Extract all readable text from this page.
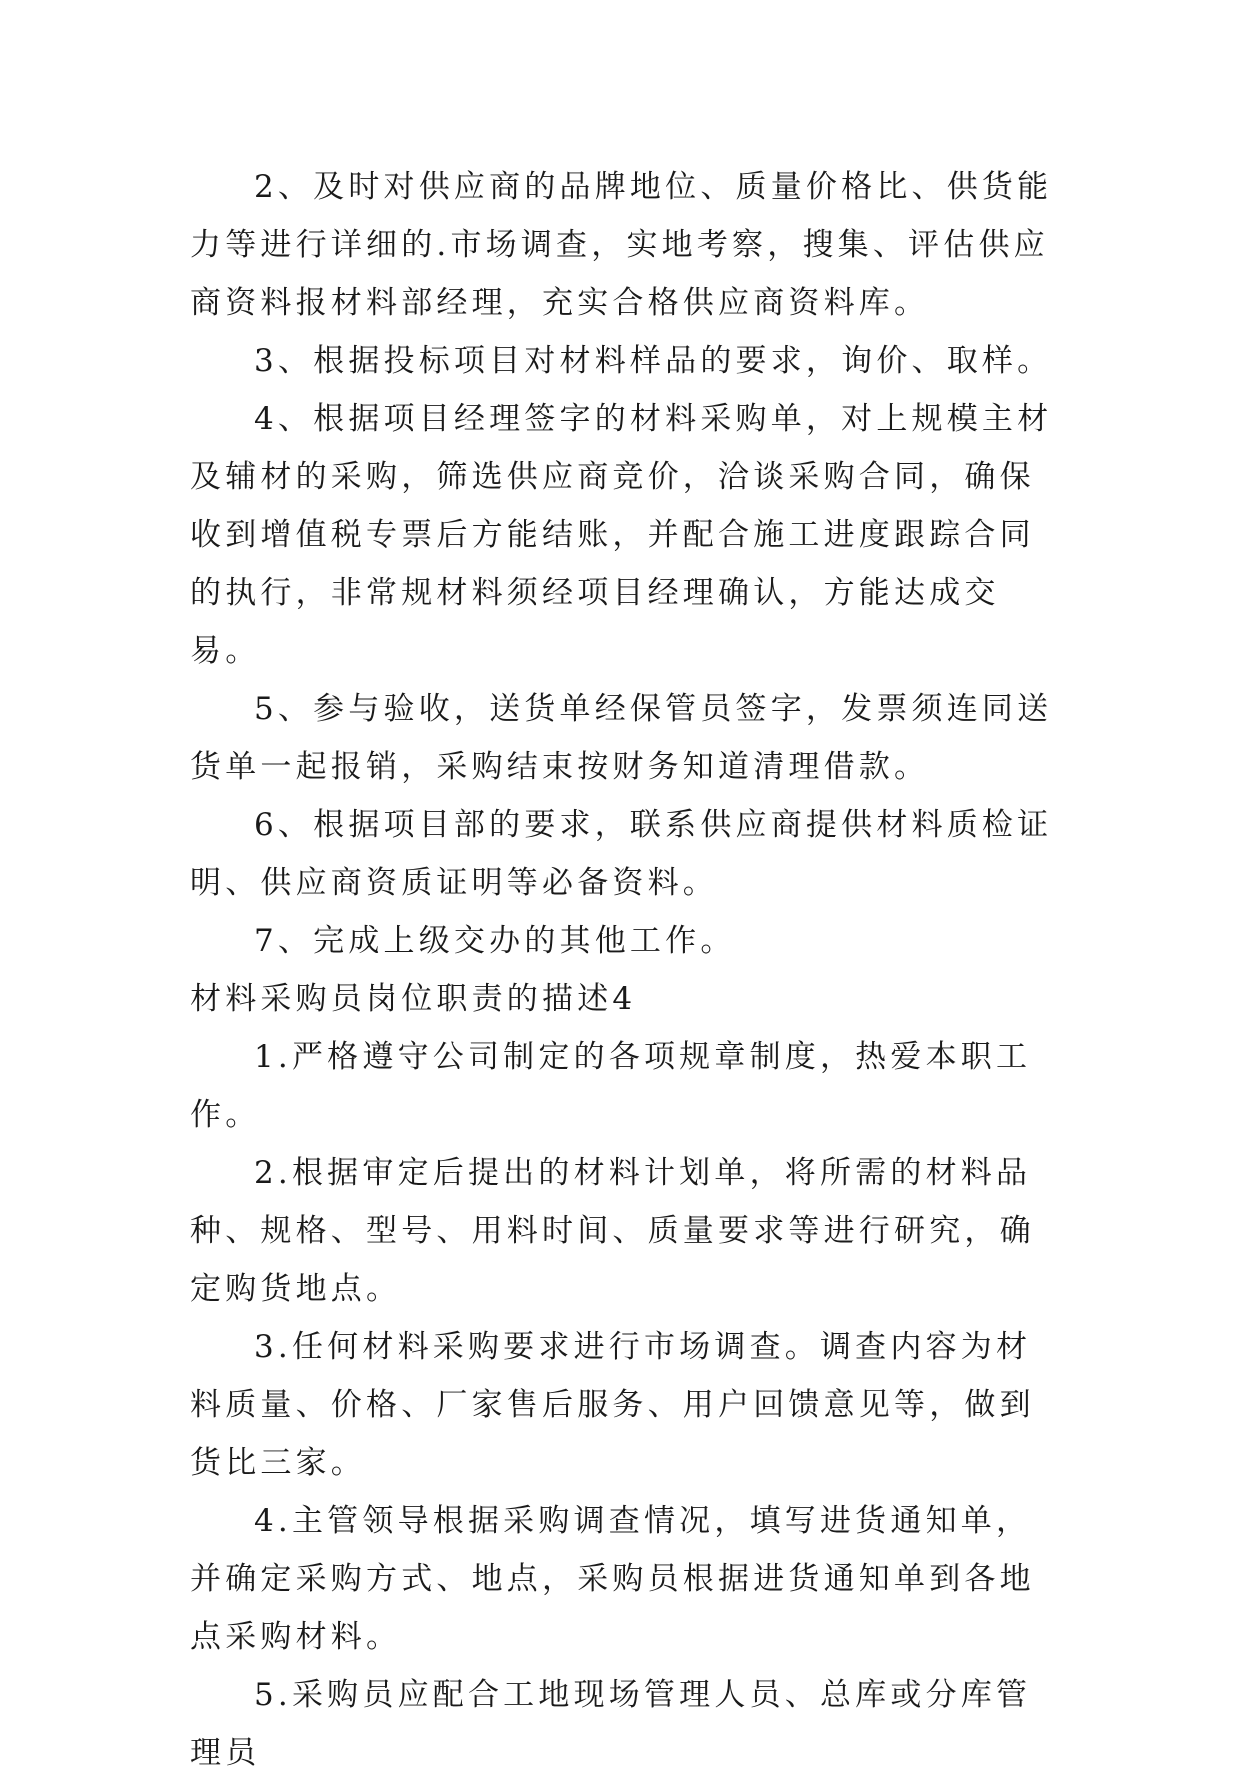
2、及时对供应商的品牌地位、质量价格比、供货能力等进行详细的.市场调查，实地考察，搜集、评估供应商资料报材料部经理，充实合格供应商资料库。

3、根据投标项目对材料样品的要求，询价、取样。

4、根据项目经理签字的材料采购单，对上规模主材及辅材的采购，筛选供应商竞价，洽谈采购合同，确保收到增值税专票后方能结账，并配合施工进度跟踪合同的执行，非常规材料须经项目经理确认，方能达成交易。

5、参与验收，送货单经保管员签字，发票须连同送货单一起报销，采购结束按财务知道清理借款。

6、根据项目部的要求，联系供应商提供材料质检证明、供应商资质证明等必备资料。

7、完成上级交办的其他工作。

材料采购员岗位职责的描述4

1.严格遵守公司制定的各项规章制度，热爱本职工作。

2.根据审定后提出的材料计划单，将所需的材料品种、规格、型号、用料时间、质量要求等进行研究，确定购货地点。

3.任何材料采购要求进行市场调查。调查内容为材料质量、价格、厂家售后服务、用户回馈意见等，做到货比三家。

4.主管领导根据采购调查情况，填写进货通知单，并确定采购方式、地点，采购员根据进货通知单到各地点采购材料。

5.采购员应配合工地现场管理人员、总库或分库管理员
